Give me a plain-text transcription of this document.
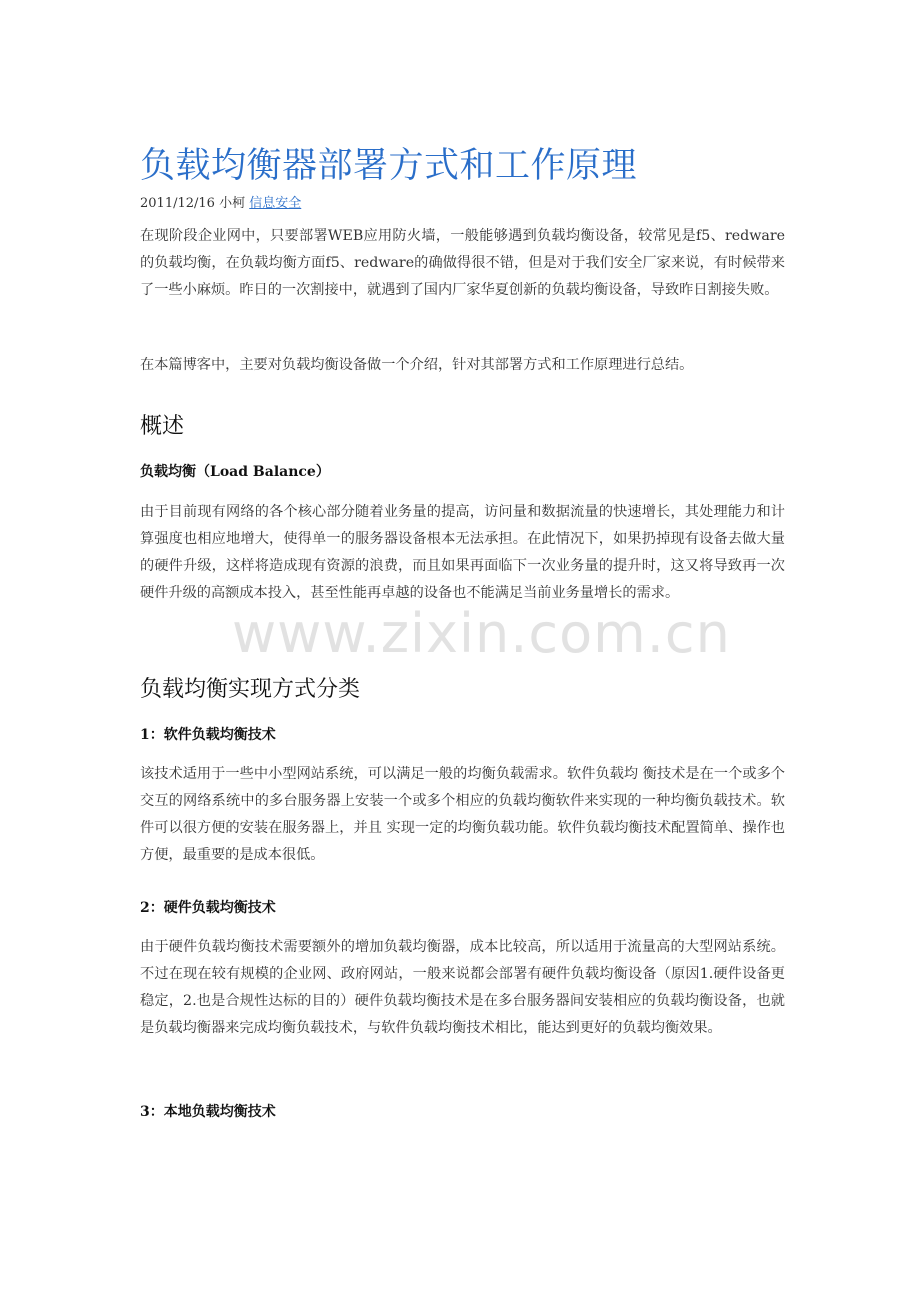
负载均衡器部署方式和工作原理
2011/12/16 小柯 信息安全

在现阶段企业网中，只要部署WEB应用防火墙，一般能够遇到负载均衡设备，较常见是f5、redware的负载均衡，在负载均衡方面f5、redware的确做得很不错，但是对于我们安全厂家来说，有时候带来了一些小麻烦。昨日的一次割接中，就遇到了国内厂家华夏创新的负载均衡设备，导致昨日割接失败。

在本篇博客中，主要对负载均衡设备做一个介绍，针对其部署方式和工作原理进行总结。

概述
负载均衡（Load Balance）

由于目前现有网络的各个核心部分随着业务量的提高，访问量和数据流量的快速增长，其处理能力和计算强度也相应地增大，使得单一的服务器设备根本无法承担。在此情况下，如果扔掉现有设备去做大量的硬件升级，这样将造成现有资源的浪费，而且如果再面临下一次业务量的提升时，这又将导致再一次硬件升级的高额成本投入，甚至性能再卓越的设备也不能满足当前业务量增长的需求。

负载均衡实现方式分类
1：软件负载均衡技术

该技术适用于一些中小型网站系统，可以满足一般的均衡负载需求。软件负载均 衡技术是在一个或多个交互的网络系统中的多台服务器上安装一个或多个相应的负载均衡软件来实现的一种均衡负载技术。软件可以很方便的安装在服务器上，并且 实现一定的均衡负载功能。软件负载均衡技术配置简单、操作也方便，最重要的是成本很低。

2：硬件负载均衡技术

由于硬件负载均衡技术需要额外的增加负载均衡器，成本比较高，所以适用于流量高的大型网站系统。不过在现在较有规模的企业网、政府网站，一般来说都会部署有硬件负载均衡设备（原因1.硬件设备更稳定，2.也是合规性达标的目的）硬件负载均衡技术是在多台服务器间安装相应的负载均衡设备，也就是负载均衡器来完成均衡负载技术，与软件负载均衡技术相比，能达到更好的负载均衡效果。

3：本地负载均衡技术
www.zixin.com.cn
